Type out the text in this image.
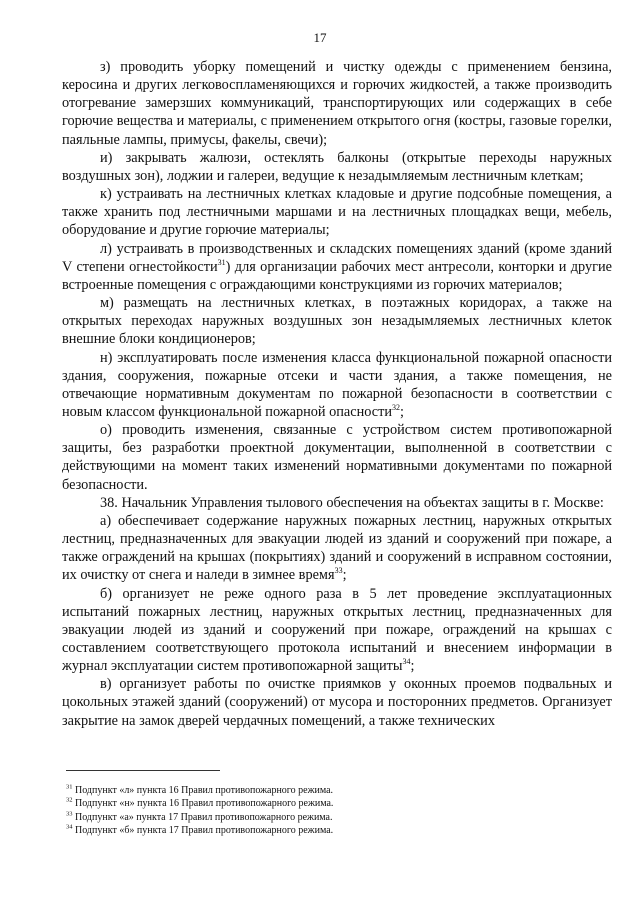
17

з) проводить уборку помещений и чистку одежды с применением бензина, керосина и других легковоспламеняющихся и горючих жидкостей, а также производить отогревание замерзших коммуникаций, транспортирующих или содержащих в себе горючие вещества и материалы, с применением открытого огня (костры, газовые горелки, паяльные лампы, примусы, факелы, свечи);

и) закрывать жалюзи, остеклять балконы (открытые переходы наружных воздушных зон), лоджии и галереи, ведущие к незадымляемым лестничным клеткам;

к) устраивать на лестничных клетках кладовые и другие подсобные помещения, а также хранить под лестничными маршами и на лестничных площадках вещи, мебель, оборудование и другие горючие материалы;

л) устраивать в производственных и складских помещениях зданий (кроме зданий V степени огнестойкости$^{31}$) для организации рабочих мест антресоли, конторки и другие встроенные помещения с ограждающими конструкциями из горючих материалов;

м) размещать на лестничных клетках, в поэтажных коридорах, а также на открытых переходах наружных воздушных зон незадымляемых лестничных клеток внешние блоки кондиционеров;

н) эксплуатировать после изменения класса функциональной пожарной опасности здания, сооружения, пожарные отсеки и части здания, а также помещения, не отвечающие нормативным документам по пожарной безопасности в соответствии с новым классом функциональной пожарной опасности$^{32}$;

о) проводить изменения, связанные с устройством систем противопожарной защиты, без разработки проектной документации, выполненной в соответствии с действующими на момент таких изменений нормативными документами по пожарной безопасности.

38. Начальник Управления тылового обеспечения на объектах защиты в г. Москве:

а) обеспечивает содержание наружных пожарных лестниц, наружных открытых лестниц, предназначенных для эвакуации людей из зданий и сооружений при пожаре, а также ограждений на крышах (покрытиях) зданий и сооружений в исправном состоянии, их очистку от снега и наледи в зимнее время$^{33}$;

б) организует не реже одного раза в 5 лет проведение эксплуатационных испытаний пожарных лестниц, наружных открытых лестниц, предназначенных для эвакуации людей из зданий и сооружений при пожаре, ограждений на крышах с составлением соответствующего протокола испытаний и внесением информации в журнал эксплуатации систем противопожарной защиты$^{34}$;

в) организует работы по очистке приямков у оконных проемов подвальных и цокольных этажей зданий (сооружений) от мусора и посторонних предметов. Организует закрытие на замок дверей чердачных помещений, а также технических

$^{31}$ Подпункт «л» пункта 16 Правил противопожарного режима.
$^{32}$ Подпункт «н» пункта 16 Правил противопожарного режима.
$^{33}$ Подпункт «а» пункта 17 Правил противопожарного режима.
$^{34}$ Подпункт «б» пункта 17 Правил противопожарного режима.
